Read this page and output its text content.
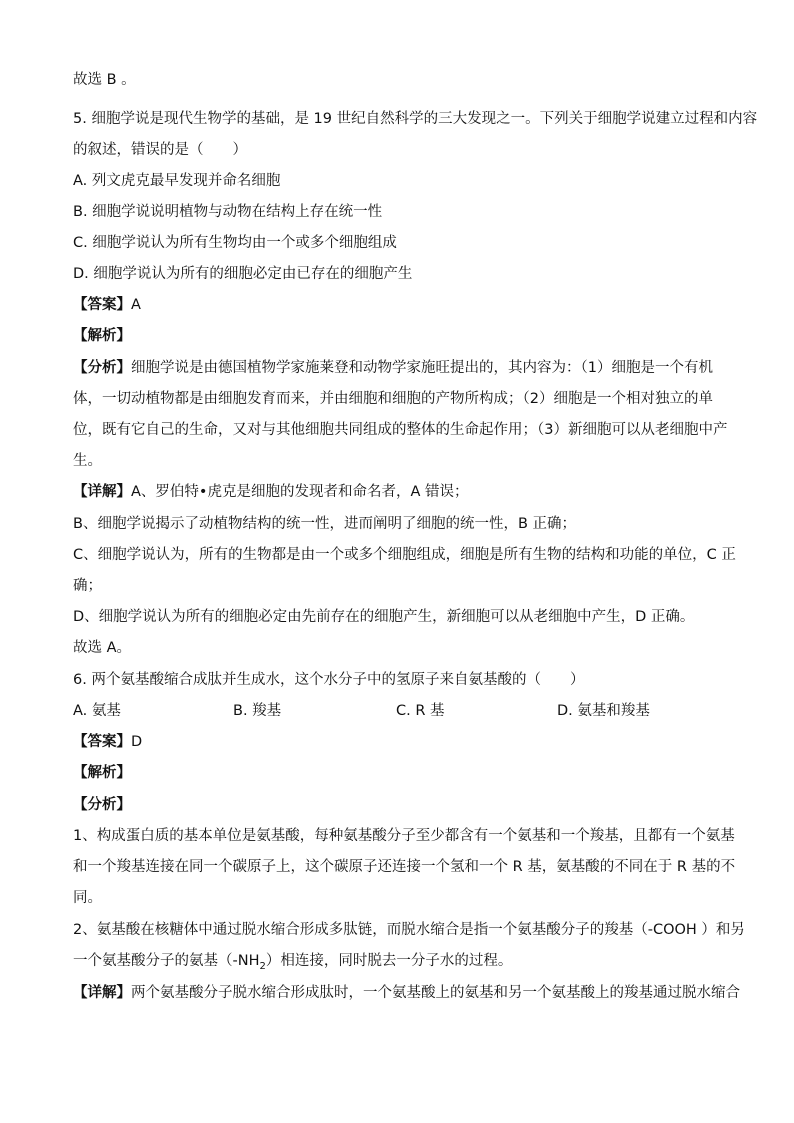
故选 B 。
5. 细胞学说是现代生物学的基础，是 19 世纪自然科学的三大发现之一。下列关于细胞学说建立过程和内容
的叙述，错误的是（　　）
A. 列文虎克最早发现并命名细胞
B. 细胞学说说明植物与动物在结构上存在统一性
C. 细胞学说认为所有生物均由一个或多个细胞组成
D. 细胞学说认为所有的细胞必定由已存在的细胞产生
【答案】A
【解析】
【分析】细胞学说是由德国植物学家施莱登和动物学家施旺提出的，其内容为：（1）细胞是一个有机
体，一切动植物都是由细胞发育而来，并由细胞和细胞的产物所构成；（2）细胞是一个相对独立的单
位，既有它自己的生命，又对与其他细胞共同组成的整体的生命起作用；（3）新细胞可以从老细胞中产
生。
【详解】A、罗伯特•虎克是细胞的发现者和命名者，A 错误；
B、细胞学说揭示了动植物结构的统一性，进而阐明了细胞的统一性，B 正确；
C、细胞学说认为，所有的生物都是由一个或多个细胞组成，细胞是所有生物的结构和功能的单位，C 正
确；
D、细胞学说认为所有的细胞必定由先前存在的细胞产生，新细胞可以从老细胞中产生，D 正确。
故选 A。
6. 两个氨基酸缩合成肽并生成水，这个水分子中的氢原子来自氨基酸的（　　）
A. 氨基	B. 羧基	C. R 基	D. 氨基和羧基
【答案】D
【解析】
【分析】
1、构成蛋白质的基本单位是氨基酸，每种氨基酸分子至少都含有一个氨基和一个羧基，且都有一个氨基
和一个羧基连接在同一个碳原子上，这个碳原子还连接一个氢和一个 R 基，氨基酸的不同在于 R 基的不
同。
2、氨基酸在核糖体中通过脱水缩合形成多肽链，而脱水缩合是指一个氨基酸分子的羧基（-COOH ）和另
一个氨基酸分子的氨基$(-NH_2)$相连接，同时脱去一分子水的过程。
【详解】两个氨基酸分子脱水缩合形成肽时，一个氨基酸上的氨基和另一个氨基酸上的羧基通过脱水缩合
